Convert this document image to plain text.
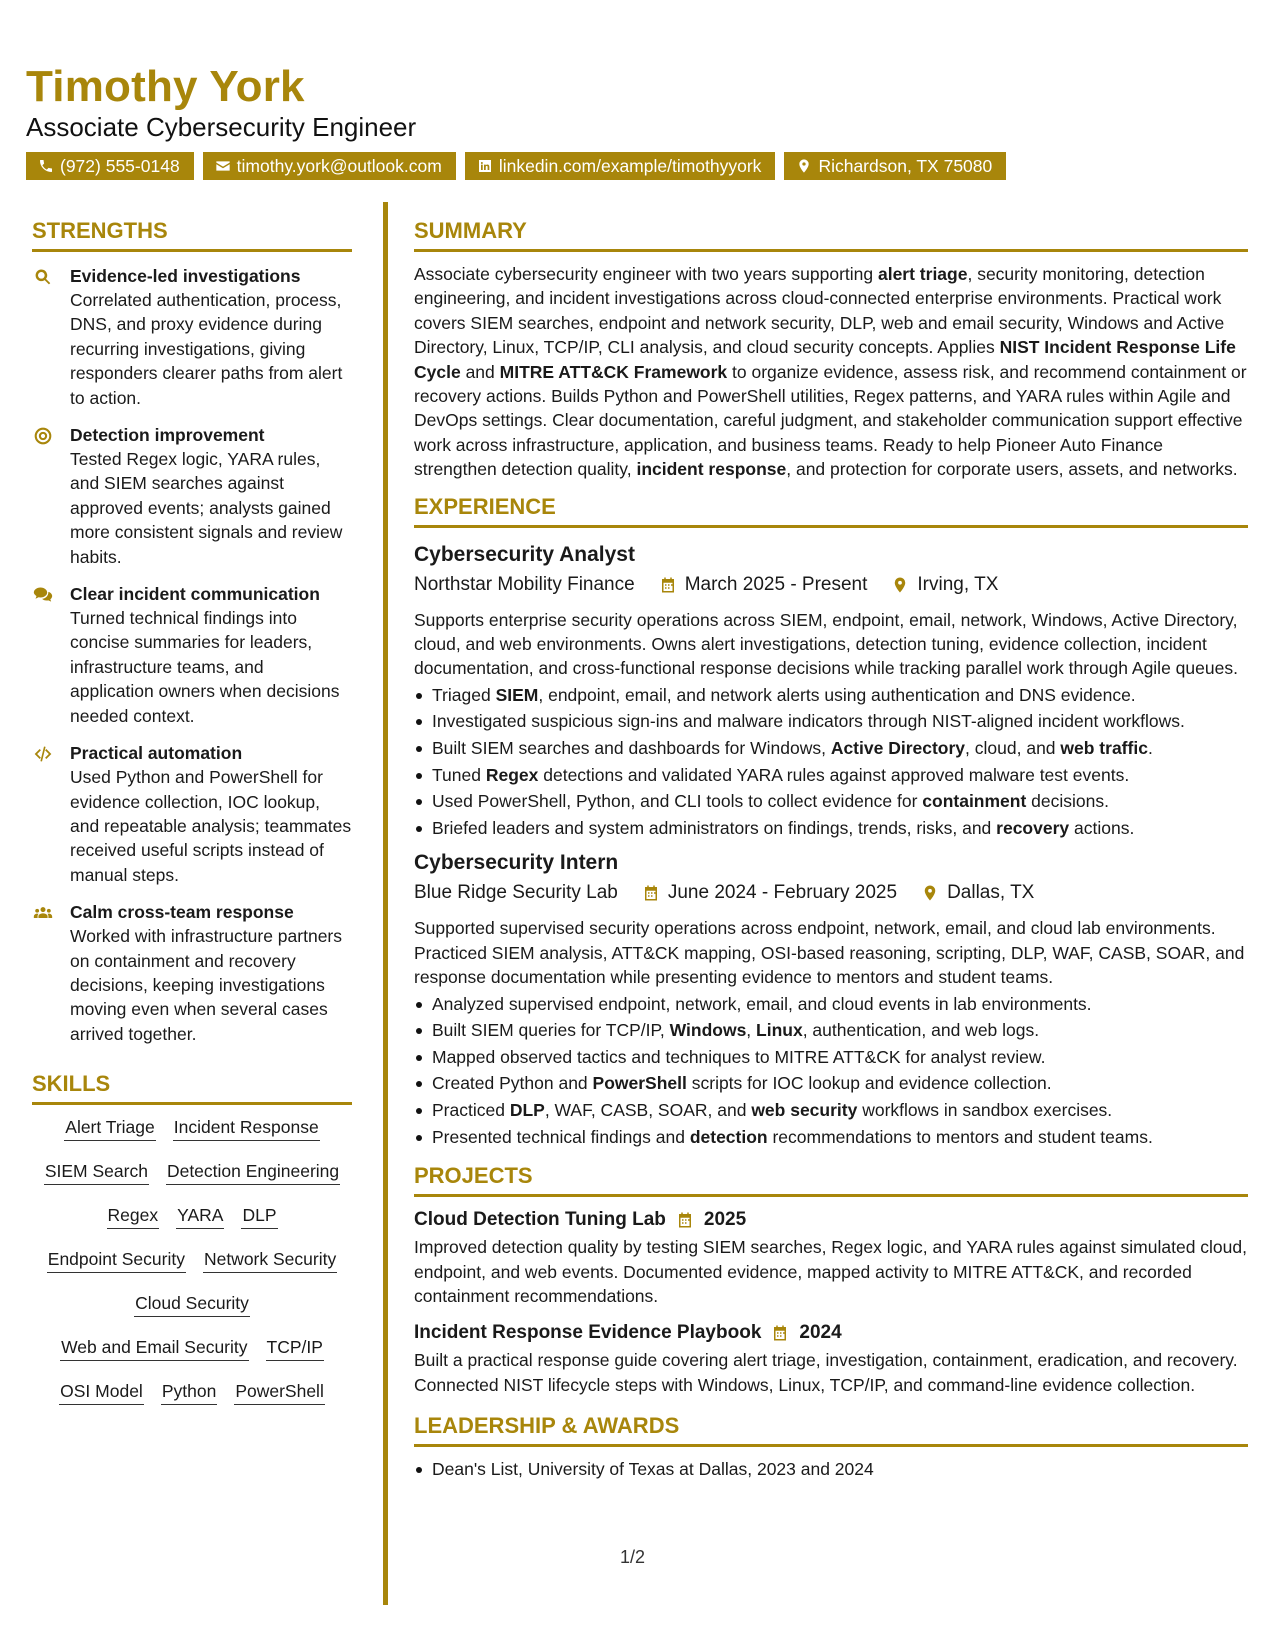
Timothy York
Associate Cybersecurity Engineer
(972) 555-0148	timothy.york@outlook.com	linkedin.com/example/timothyyork	Richardson, TX 75080
STRENGTHS
Evidence-led investigations
Correlated authentication, process, DNS, and proxy evidence during recurring investigations, giving responders clearer paths from alert to action.
Detection improvement
Tested Regex logic, YARA rules, and SIEM searches against approved events; analysts gained more consistent signals and review habits.
Clear incident communication
Turned technical findings into concise summaries for leaders, infrastructure teams, and application owners when decisions needed context.
Practical automation
Used Python and PowerShell for evidence collection, IOC lookup, and repeatable analysis; teammates received useful scripts instead of manual steps.
Calm cross-team response
Worked with infrastructure partners on containment and recovery decisions, keeping investigations moving even when several cases arrived together.
SKILLS
Alert Triage Incident Response
SIEM Search Detection Engineering
Regex YARA DLP
Endpoint Security Network Security
Cloud Security
Web and Email Security TCP/IP
OSI Model Python PowerShell
SUMMARY

Associate cybersecurity engineer with two years supporting alert triage, security monitoring, detection engineering, and incident investigations across cloud-connected enterprise environments. Practical work covers SIEM searches, endpoint and network security, DLP, web and email security, Windows and Active Directory, Linux, TCP/IP, CLI analysis, and cloud security concepts. Applies NIST Incident Response Life Cycle and MITRE ATT&CK Framework to organize evidence, assess risk, and recommend containment or recovery actions. Builds Python and PowerShell utilities, Regex patterns, and YARA rules within Agile and DevOps settings. Clear documentation, careful judgment, and stakeholder communication support effective work across infrastructure, application, and business teams. Ready to help Pioneer Auto Finance strengthen detection quality, incident response, and protection for corporate users, assets, and networks.

EXPERIENCE
Cybersecurity Analyst
Northstar Mobility Finance	March 2025 - Present	Irving, TX

Supports enterprise security operations across SIEM, endpoint, email, network, Windows, Active Directory, cloud, and web environments. Owns alert investigations, detection tuning, evidence collection, incident documentation, and cross-functional response decisions while tracking parallel work through Agile queues.

Triaged SIEM, endpoint, email, and network alerts using authentication and DNS evidence.
Investigated suspicious sign-ins and malware indicators through NIST-aligned incident workflows.
Built SIEM searches and dashboards for Windows, Active Directory, cloud, and web traffic.
Tuned Regex detections and validated YARA rules against approved malware test events.
Used PowerShell, Python, and CLI tools to collect evidence for containment decisions.
Briefed leaders and system administrators on findings, trends, risks, and recovery actions.
Cybersecurity Intern
Blue Ridge Security Lab	June 2024 - February 2025	Dallas, TX

Supported supervised security operations across endpoint, network, email, and cloud lab environments. Practiced SIEM analysis, ATT&CK mapping, OSI-based reasoning, scripting, DLP, WAF, CASB, SOAR, and response documentation while presenting evidence to mentors and student teams.

Analyzed supervised endpoint, network, email, and cloud events in lab environments.
Built SIEM queries for TCP/IP, Windows, Linux, authentication, and web logs.
Mapped observed tactics and techniques to MITRE ATT&CK for analyst review.
Created Python and PowerShell scripts for IOC lookup and evidence collection.
Practiced DLP, WAF, CASB, SOAR, and web security workflows in sandbox exercises.
Presented technical findings and detection recommendations to mentors and student teams.
PROJECTS
Cloud Detection Tuning Lab 2025

Improved detection quality by testing SIEM searches, Regex logic, and YARA rules against simulated cloud, endpoint, and web events. Documented evidence, mapped activity to MITRE ATT&CK, and recorded containment recommendations.

Incident Response Evidence Playbook 2024

Built a practical response guide covering alert triage, investigation, containment, eradication, and recovery. Connected NIST lifecycle steps with Windows, Linux, TCP/IP, and command-line evidence collection.

LEADERSHIP & AWARDS
Dean's List, University of Texas at Dallas, 2023 and 2024
1/2
